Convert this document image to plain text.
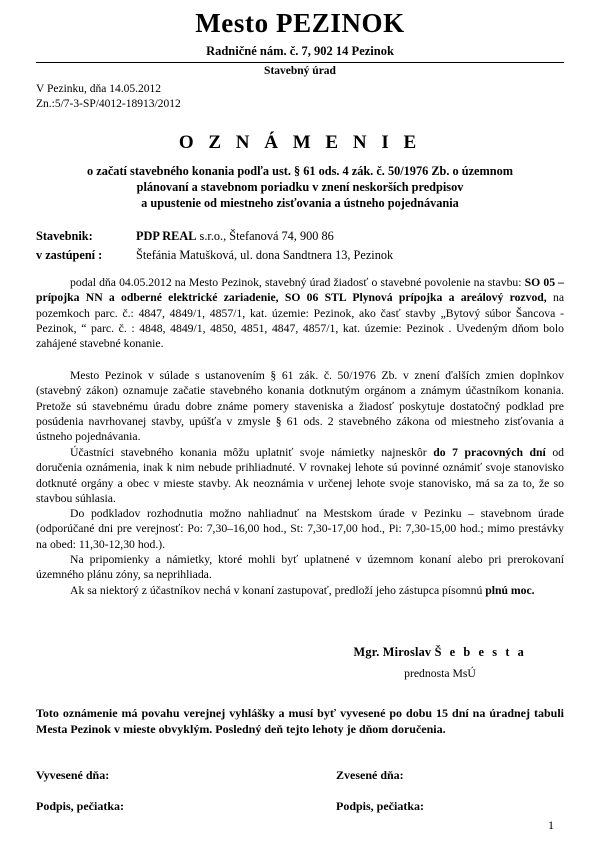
Mesto PEZINOK
Radničné nám. č. 7, 902 14 Pezinok
Stavebný úrad
V Pezinku, dňa 14.05.2012
Zn.:5/7-3-SP/4012-18913/2012
O Z N Á M E N I E
o začatí stavebného konania podľa ust. § 61 ods. 4 zák. č. 50/1976 Zb. o územnom
plánovaní a stavebnom poriadku v znení neskorších predpisov
a upustenie od miestneho zisťovania a ústneho pojednávania
Stavebnik:	PDP REAL s.r.o., Štefanová 74, 900 86
v zastúpení :	Štefánia Matušková, ul. dona Sandtnera 13, Pezinok

podal dňa 04.05.2012 na Mesto Pezinok, stavebný úrad žiadosť o stavebné povolenie na stavbu: SO 05 – prípojka NN a odberné elektrické zariadenie, SO 06 STL Plynová prípojka a areálový rozvod, na pozemkoch parc. č.: 4847, 4849/1, 4857/1, kat. územie: Pezinok, ako časť stavby „Bytový súbor Šancova - Pezinok, “ parc. č. : 4848, 4849/1, 4850, 4851, 4847, 4857/1, kat. územie: Pezinok . Uvedeným dňom bolo zahájené stavebné konanie.

Mesto Pezinok v súlade s ustanovením § 61 zák. č. 50/1976 Zb. v znení ďalších zmien doplnkov (stavebný zákon) oznamuje začatie stavebného konania dotknutým orgánom a známym účastníkom konania. Pretože sú stavebnému úradu dobre známe pomery staveniska a žiadosť poskytuje dostatočný podklad pre posúdenia navrhovanej stavby, upúšťa v zmysle § 61 ods. 2 stavebného zákona od miestneho zisťovania a ústneho pojednávania.

Účastníci stavebného konania môžu uplatniť svoje námietky najneskôr do 7 pracovných dní od doručenia oznámenia, inak k nim nebude prihliadnuté. V rovnakej lehote sú povinné oznámiť svoje stanovisko dotknuté orgány a obec v mieste stavby. Ak neoznámia v určenej lehote svoje stanovisko, má sa za to, že so stavbou súhlasia.

Do podkladov rozhodnutia možno nahliadnuť na Mestskom úrade v Pezinku – stavebnom úrade (odporúčané dni pre verejnosť: Po: 7,30–16,00 hod., St: 7,30-17,00 hod., Pi: 7,30-15,00 hod.; mimo prestávky na obed: 11,30-12,30 hod.).

Na pripomienky a námietky, ktoré mohli byť uplatnené v územnom konaní alebo pri prerokovaní územného plánu zóny, sa neprihliada.

Ak sa niektorý z účastníkov nechá v konaní zastupovať, predloží jeho zástupca písomnú plnú moc.

Mgr. Miroslav Š e b e s t a
prednosta MsÚ
Toto oznámenie má povahu verejnej vyhlášky a musí byť vyvesené po dobu 15 dní na úradnej tabuli Mesta Pezinok v mieste obvyklým. Posledný deň tejto lehoty je dňom doručenia.
Vyvesené dňa:	Zvesené dňa:
Podpis, pečiatka:	Podpis, pečiatka:
1
